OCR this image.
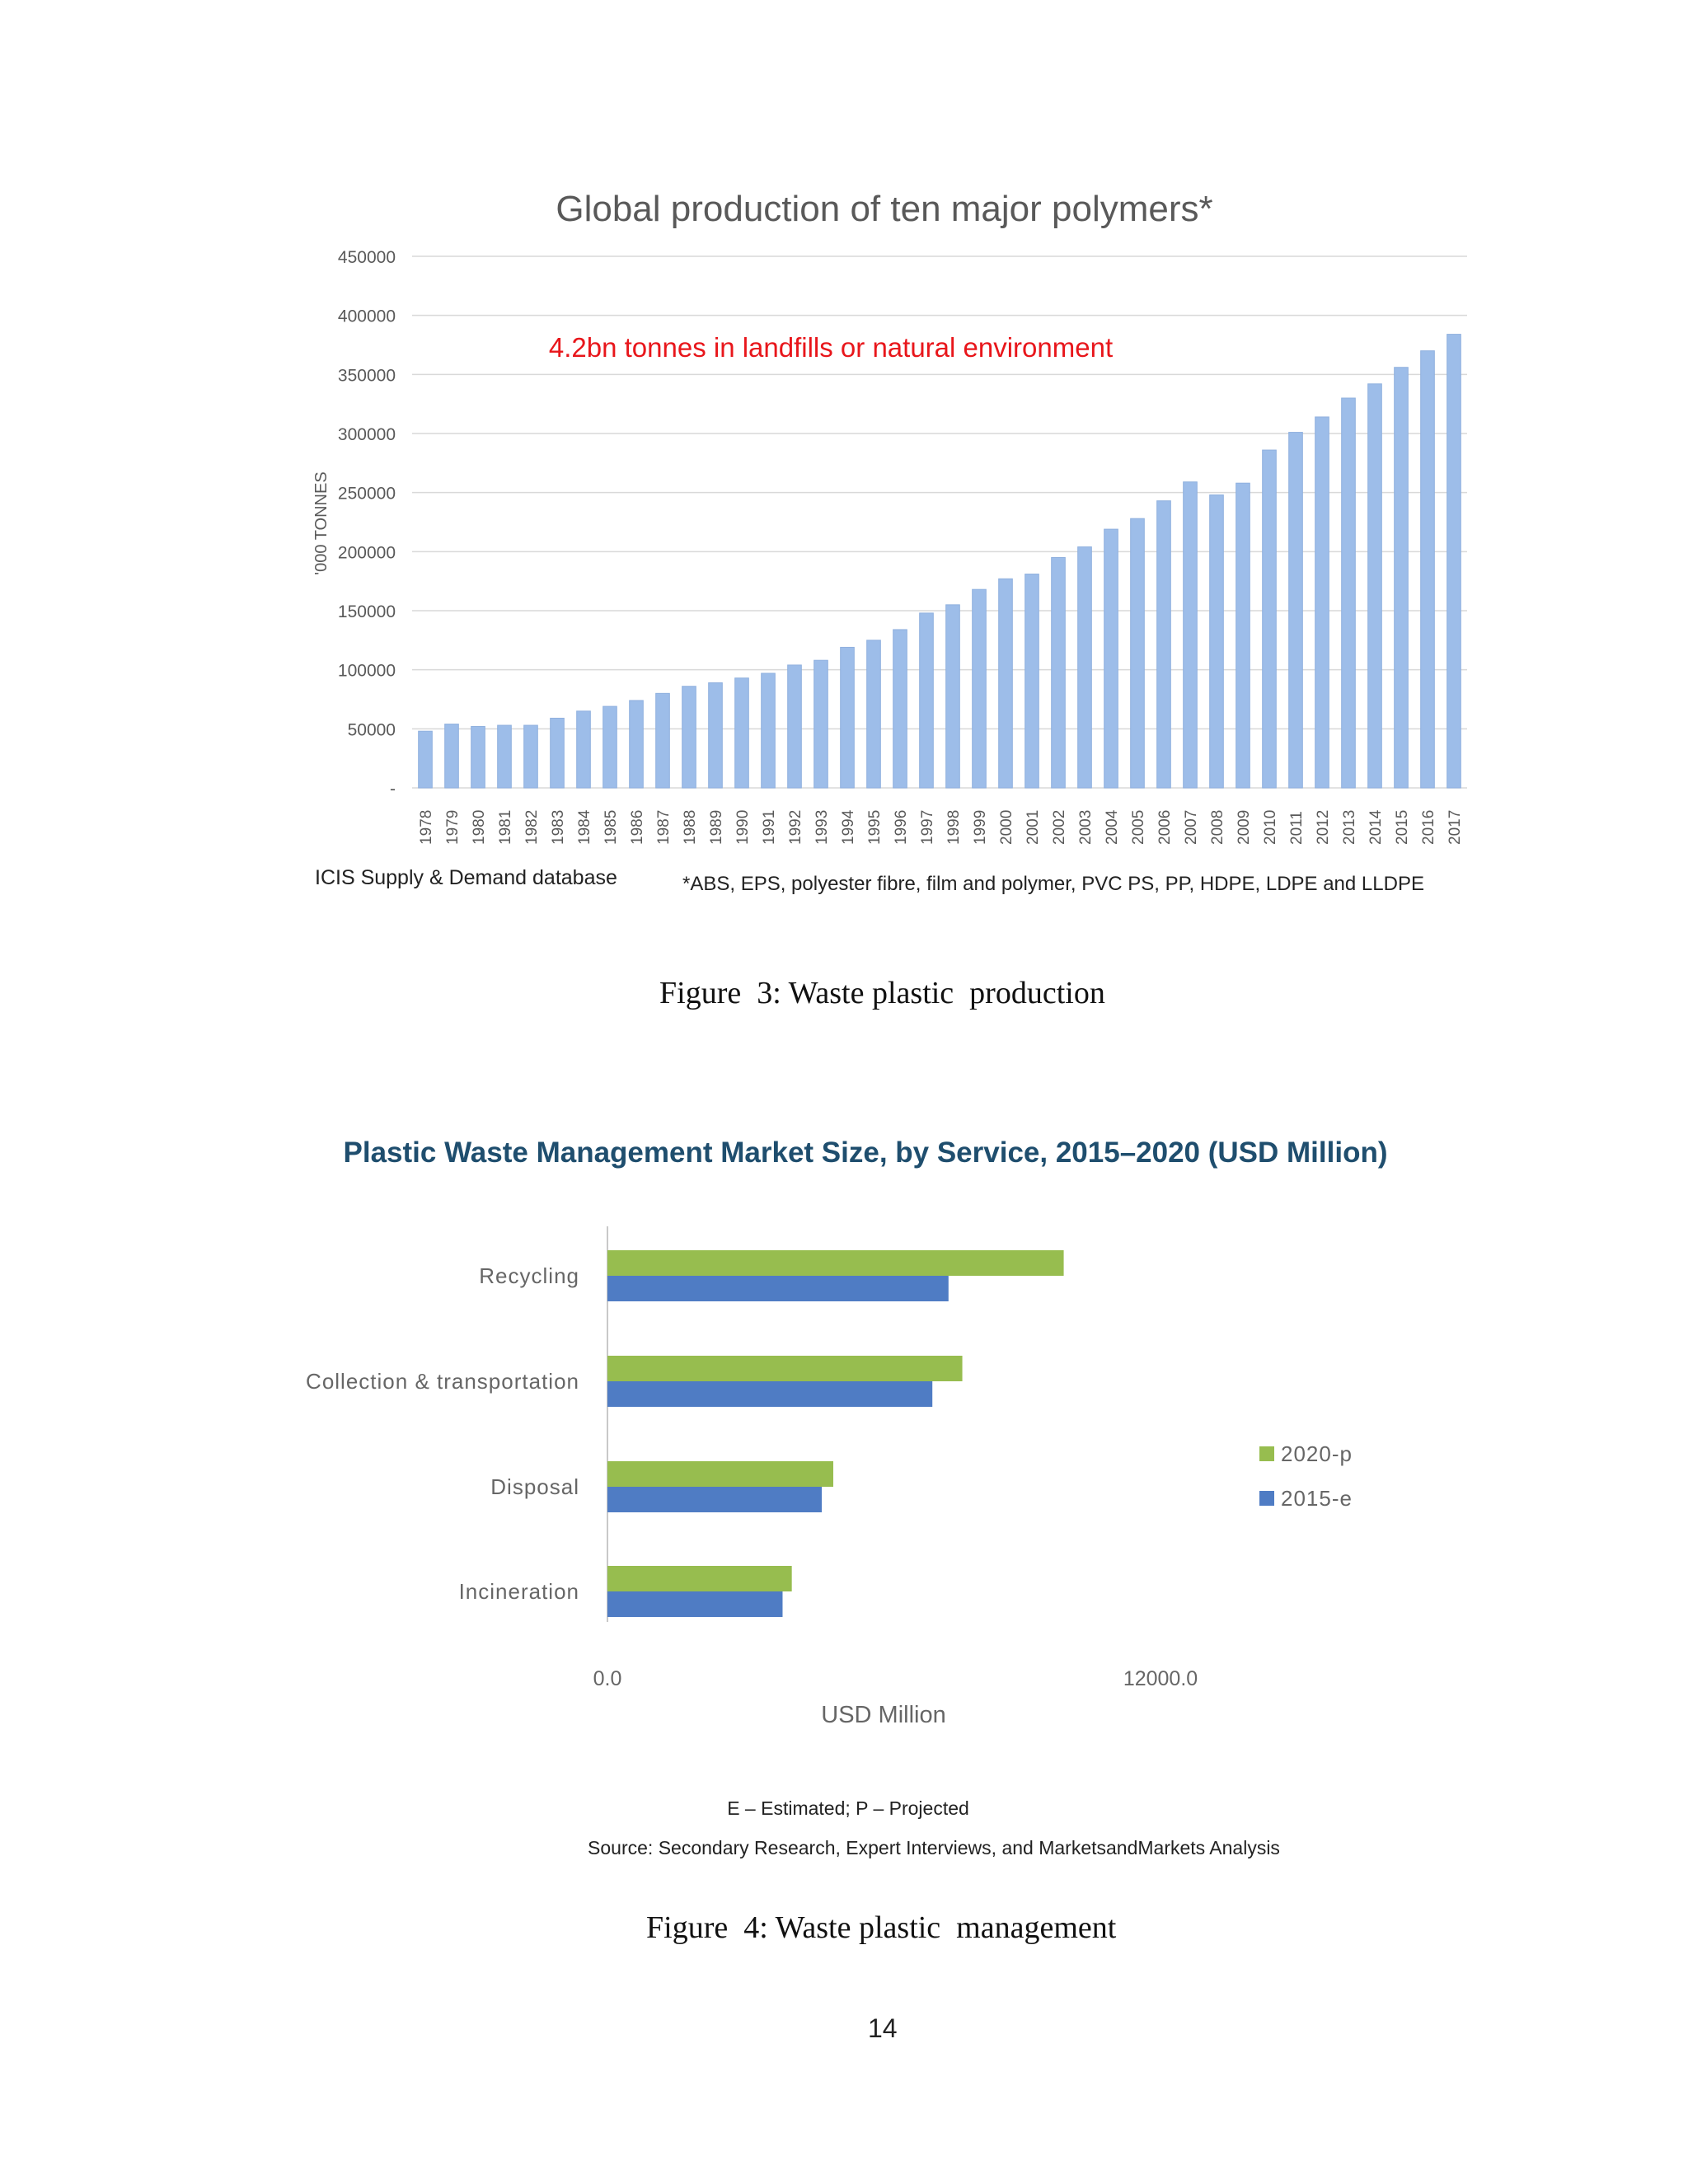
Global production of ten major polymers*
4.2bn tonnes in landfills or natural environment
'000 TONNES
-
50000
100000
150000
200000
250000
300000
350000
400000
450000
1978 1979 1980 1981 1982 1983 1984 1985 1986 1987 1988 1989 1990 1991 1992 1993 1994 1995 1996 1997 1998 1999 2000 2001 2002 2003 2004 2005 2006 2007 2008 2009 2010 2011 2012 2013 2014 2015 2016 2017
ICIS Supply & Demand database	*ABS, EPS, polyester fibre, film and polymer, PVC PS, PP, HDPE, LDPE and LLDPE
Figure  3: Waste plastic  production
Plastic Waste Management Market Size, by Service, 2015–2020 (USD Million)
Recycling
Collection & transportation
Disposal
Incineration
0.0	12000.0
USD Million
2020-p
2015-e
E – Estimated; P – Projected
Source: Secondary Research, Expert Interviews, and MarketsandMarkets Analysis
Figure  4: Waste plastic  management
14
